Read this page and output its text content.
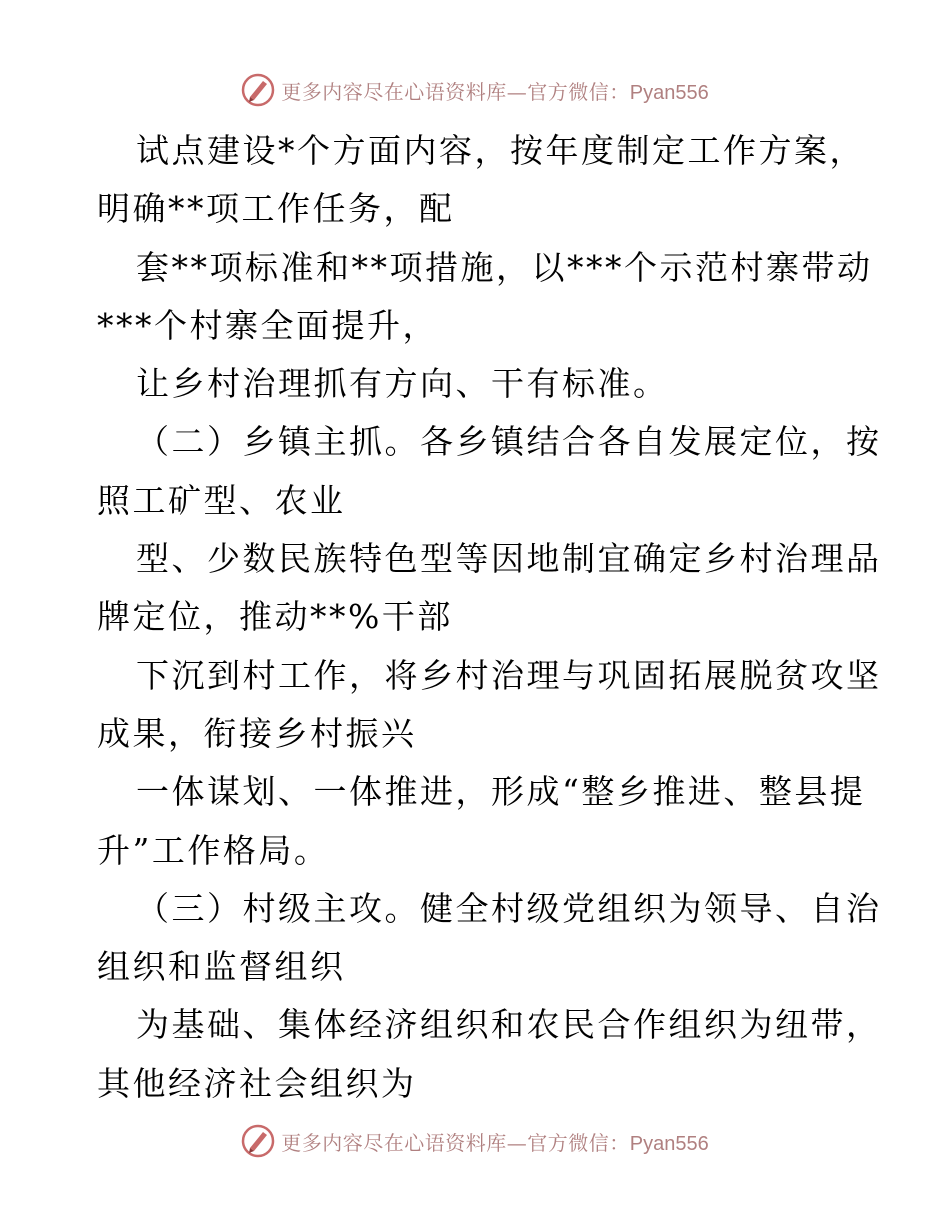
更多内容尽在心语资料库—官方微信：Pyan556
试点建设*个方面内容，按年度制定工作方案，
明确**项工作任务，配
套**项标准和**项措施，以***个示范村寨带动
***个村寨全面提升，
让乡村治理抓有方向、干有标准。
（二）乡镇主抓。各乡镇结合各自发展定位，按
照工矿型、农业
型、少数民族特色型等因地制宜确定乡村治理品
牌定位，推动**%干部
下沉到村工作，将乡村治理与巩固拓展脱贫攻坚
成果，衔接乡村振兴
一体谋划、一体推进，形成“整乡推进、整县提
升”工作格局。
（三）村级主攻。健全村级党组织为领导、自治
组织和监督组织
为基础、集体经济组织和农民合作组织为纽带，
其他经济社会组织为
更多内容尽在心语资料库—官方微信：Pyan556
